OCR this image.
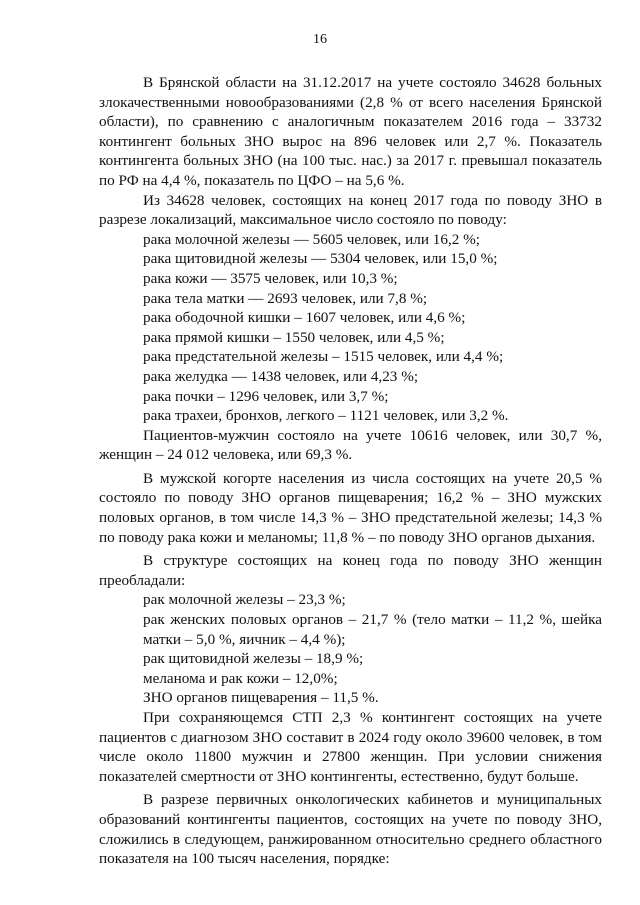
16

В Брянской области на 31.12.2017 на учете состояло 34628 больных злокачественными новообразованиями (2,8 % от всего населения Брянской области), по сравнению с аналогичным показателем 2016 года – 33732 контингент больных ЗНО вырос на 896 человек или 2,7 %. Показатель контингента больных ЗНО (на 100 тыс. нас.) за 2017 г. превышал показатель по РФ на 4,4 %, показатель по ЦФО – на 5,6 %.

Из 34628 человек, состоящих на конец 2017 года по поводу ЗНО в разрезе локализаций, максимальное число состояло по поводу:

рака молочной железы — 5605 человек, или 16,2 %;

рака щитовидной железы — 5304 человек, или 15,0 %;

рака кожи — 3575 человек, или 10,3 %;

рака тела матки — 2693 человек, или 7,8 %;

рака ободочной кишки – 1607 человек, или 4,6 %;

рака прямой кишки – 1550 человек, или 4,5 %;

рака предстательной железы – 1515 человек, или 4,4 %;

рака желудка — 1438 человек, или 4,23 %;

рака почки – 1296 человек, или 3,7 %;

рака трахеи, бронхов, легкого – 1121 человек, или 3,2 %.

Пациентов-мужчин состояло на учете 10616 человек, или 30,7 %, женщин – 24 012 человека, или 69,3 %.

В мужской когорте населения из числа состоящих на учете 20,5 % состояло по поводу ЗНО органов пищеварения; 16,2 % – ЗНО мужских половых органов, в том числе 14,3 % – ЗНО предстательной железы; 14,3 % по поводу рака кожи и меланомы; 11,8 % – по поводу ЗНО органов дыхания.

В структуре состоящих на конец года по поводу ЗНО женщин преобладали:

рак молочной железы – 23,3 %;

рак женских половых органов – 21,7 % (тело матки – 11,2 %, шейка матки – 5,0 %, яичник – 4,4 %);

рак щитовидной железы – 18,9 %;

меланома и рак кожи – 12,0%;

ЗНО органов пищеварения – 11,5 %.

При сохраняющемся СТП 2,3 % контингент состоящих на учете пациентов с диагнозом ЗНО составит в 2024 году около 39600 человек, в том числе около 11800 мужчин и 27800 женщин. При условии снижения показателей смертности от ЗНО контингенты, естественно, будут больше.

В разрезе первичных онкологических кабинетов и муниципальных образований контингенты пациентов, состоящих на учете по поводу ЗНО, сложились в следующем, ранжированном относительно среднего областного показателя на 100 тысяч населения, порядке:
